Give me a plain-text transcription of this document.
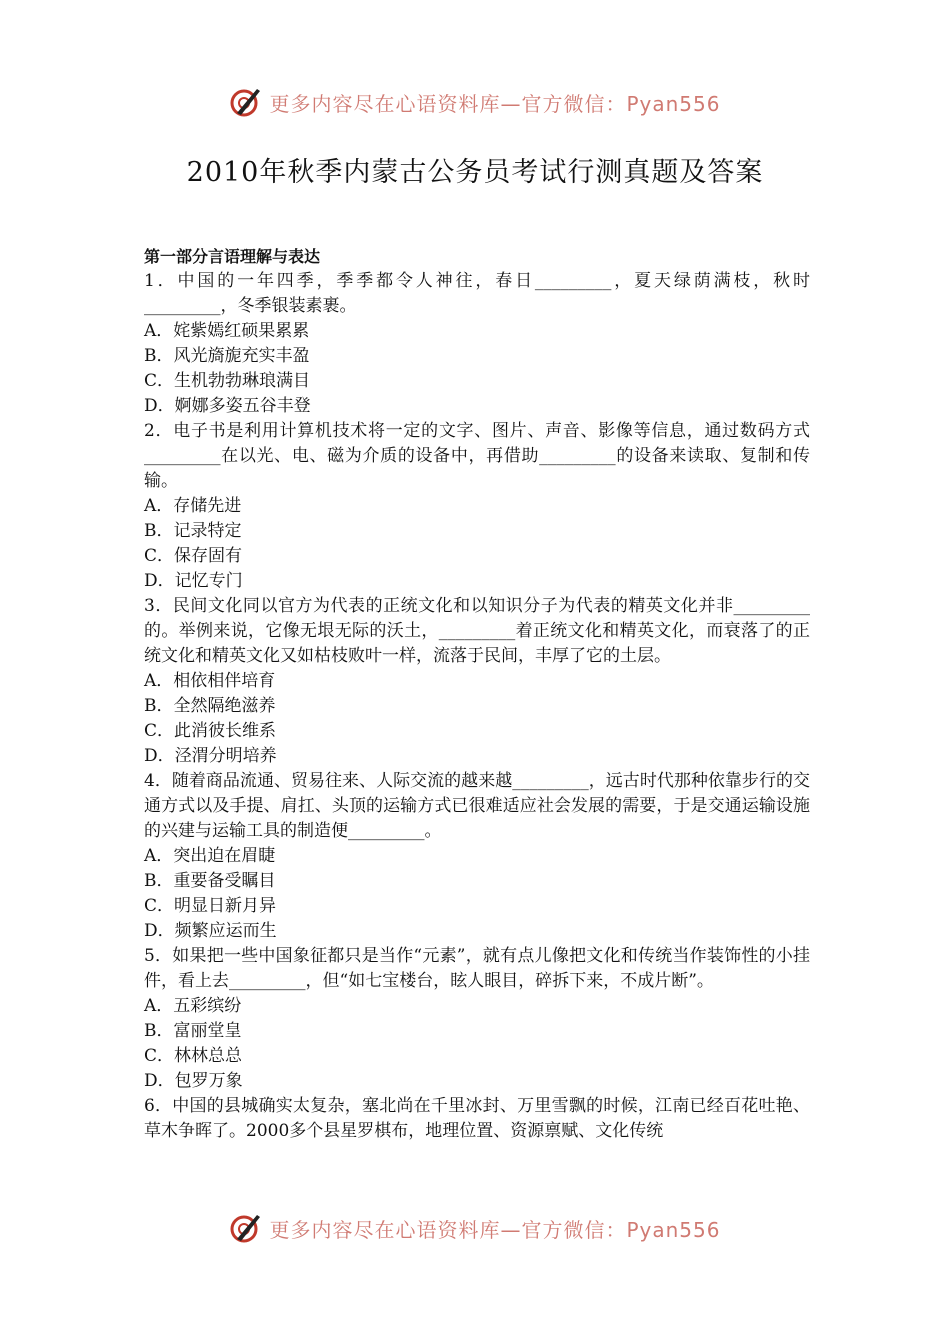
更多内容尽在心语资料库—官方微信：Pyan556
2010年秋季内蒙古公务员考试行测真题及答案
第一部分言语理解与表达

1．中国的一年四季，季季都令人神往，春日_________，夏天绿荫满枝，秋时_________，冬季银装素裹。

A．姹紫嫣红硕果累累

B．风光旖旎充实丰盈

C．生机勃勃琳琅满目

D．婀娜多姿五谷丰登

2．电子书是利用计算机技术将一定的文字、图片、声音、影像等信息，通过数码方式_________在以光、电、磁为介质的设备中，再借助_________的设备来读取、复制和传输。

A．存储先进

B．记录特定

C．保存固有

D．记忆专门

3．民间文化同以官方为代表的正统文化和以知识分子为代表的精英文化并非_________的。举例来说，它像无垠无际的沃土，_________着正统文化和精英文化，而衰落了的正统文化和精英文化又如枯枝败叶一样，流落于民间，丰厚了它的土层。

A．相依相伴培育

B．全然隔绝滋养

C．此消彼长维系

D．泾渭分明培养

4．随着商品流通、贸易往来、人际交流的越来越_________，远古时代那种依靠步行的交通方式以及手提、肩扛、头顶的运输方式已很难适应社会发展的需要，于是交通运输设施的兴建与运输工具的制造便_________。

A．突出迫在眉睫

B．重要备受瞩目

C．明显日新月异

D．频繁应运而生

5．如果把一些中国象征都只是当作“元素”，就有点儿像把文化和传统当作装饰性的小挂件，看上去_________，但“如七宝楼台，眩人眼目，碎拆下来，不成片断”。

A．五彩缤纷

B．富丽堂皇

C．林林总总

D．包罗万象

6．中国的县城确实太复杂，塞北尚在千里冰封、万里雪飘的时候，江南已经百花吐艳、草木争晖了。2000多个县星罗棋布，地理位置、资源禀赋、文化传统

更多内容尽在心语资料库—官方微信：Pyan556
